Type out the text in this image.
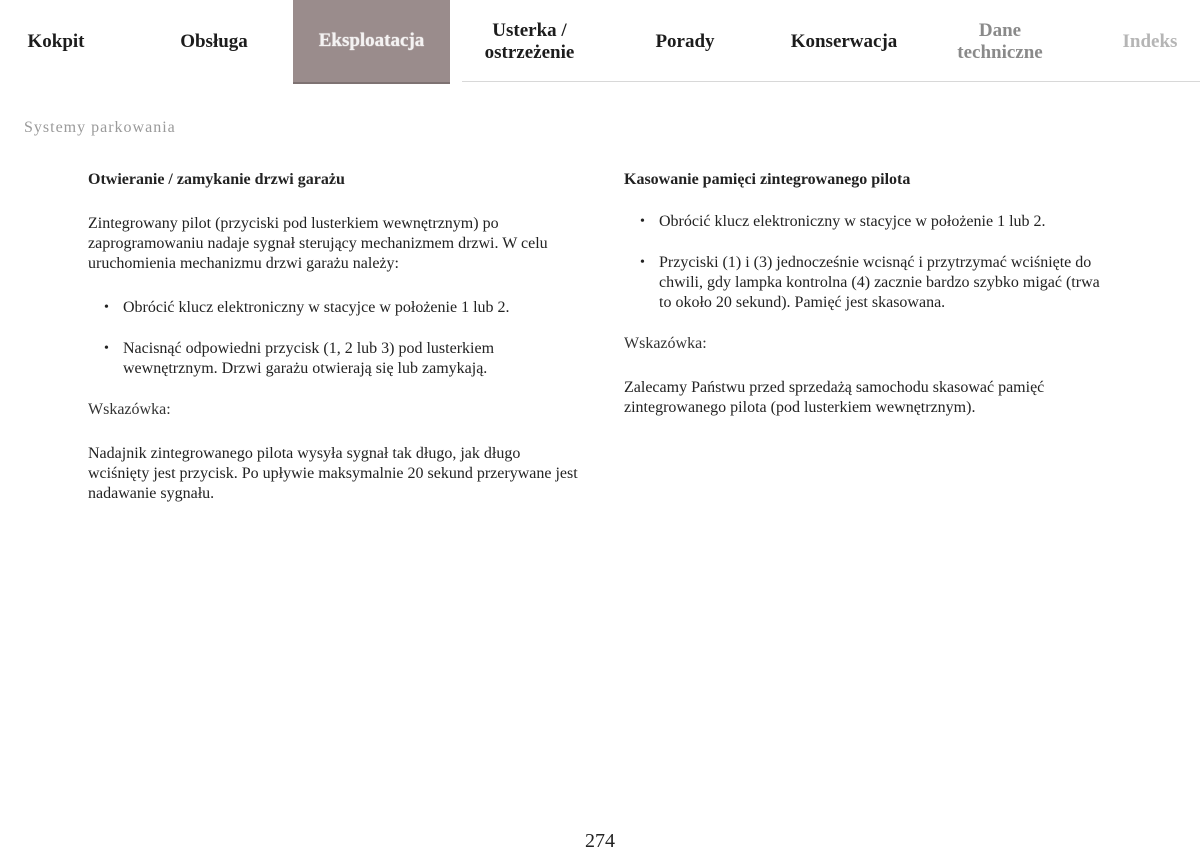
Kokpit	Obsługa	Eksploatacja	Usterka /
ostrzeżenie
Porady	Konserwacja
Dane
techniczne
Indeks
Systemy parkowania

Otwieranie / zamykanie drzwi garażu

Zintegrowany pilot (przyciski pod lusterkiem wewnętrznym) po zaprogramowaniu nadaje sygnał sterujący mechanizmem drzwi. W celu uruchomienia mechanizmu drzwi garażu należy:

• Obrócić klucz elektroniczny w stacyjce w położenie 1 lub 2.
• Nacisnąć odpowiedni przycisk (1, 2 lub 3) pod lusterkiem wewnętrznym. Drzwi garażu otwierają się lub zamykają.

Wskazówka:

Nadajnik zintegrowanego pilota wysyła sygnał tak długo, jak długo wciśnięty jest przycisk. Po upływie maksymalnie 20 sekund przerywane jest nadawanie sygnału.

Kasowanie pamięci zintegrowanego pilota

• Obrócić klucz elektroniczny w stacyjce w położenie 1 lub 2.
• Przyciski (1) i (3) jednocześnie wcisnąć i przytrzymać wciśnięte do chwili, gdy lampka kontrolna (4) zacznie bardzo szybko migać (trwa to około 20 sekund). Pamięć jest skasowana.

Wskazówka:

Zalecamy Państwu przed sprzedażą samochodu skasować pamięć zintegrowanego pilota (pod lusterkiem wewnętrznym).

274
